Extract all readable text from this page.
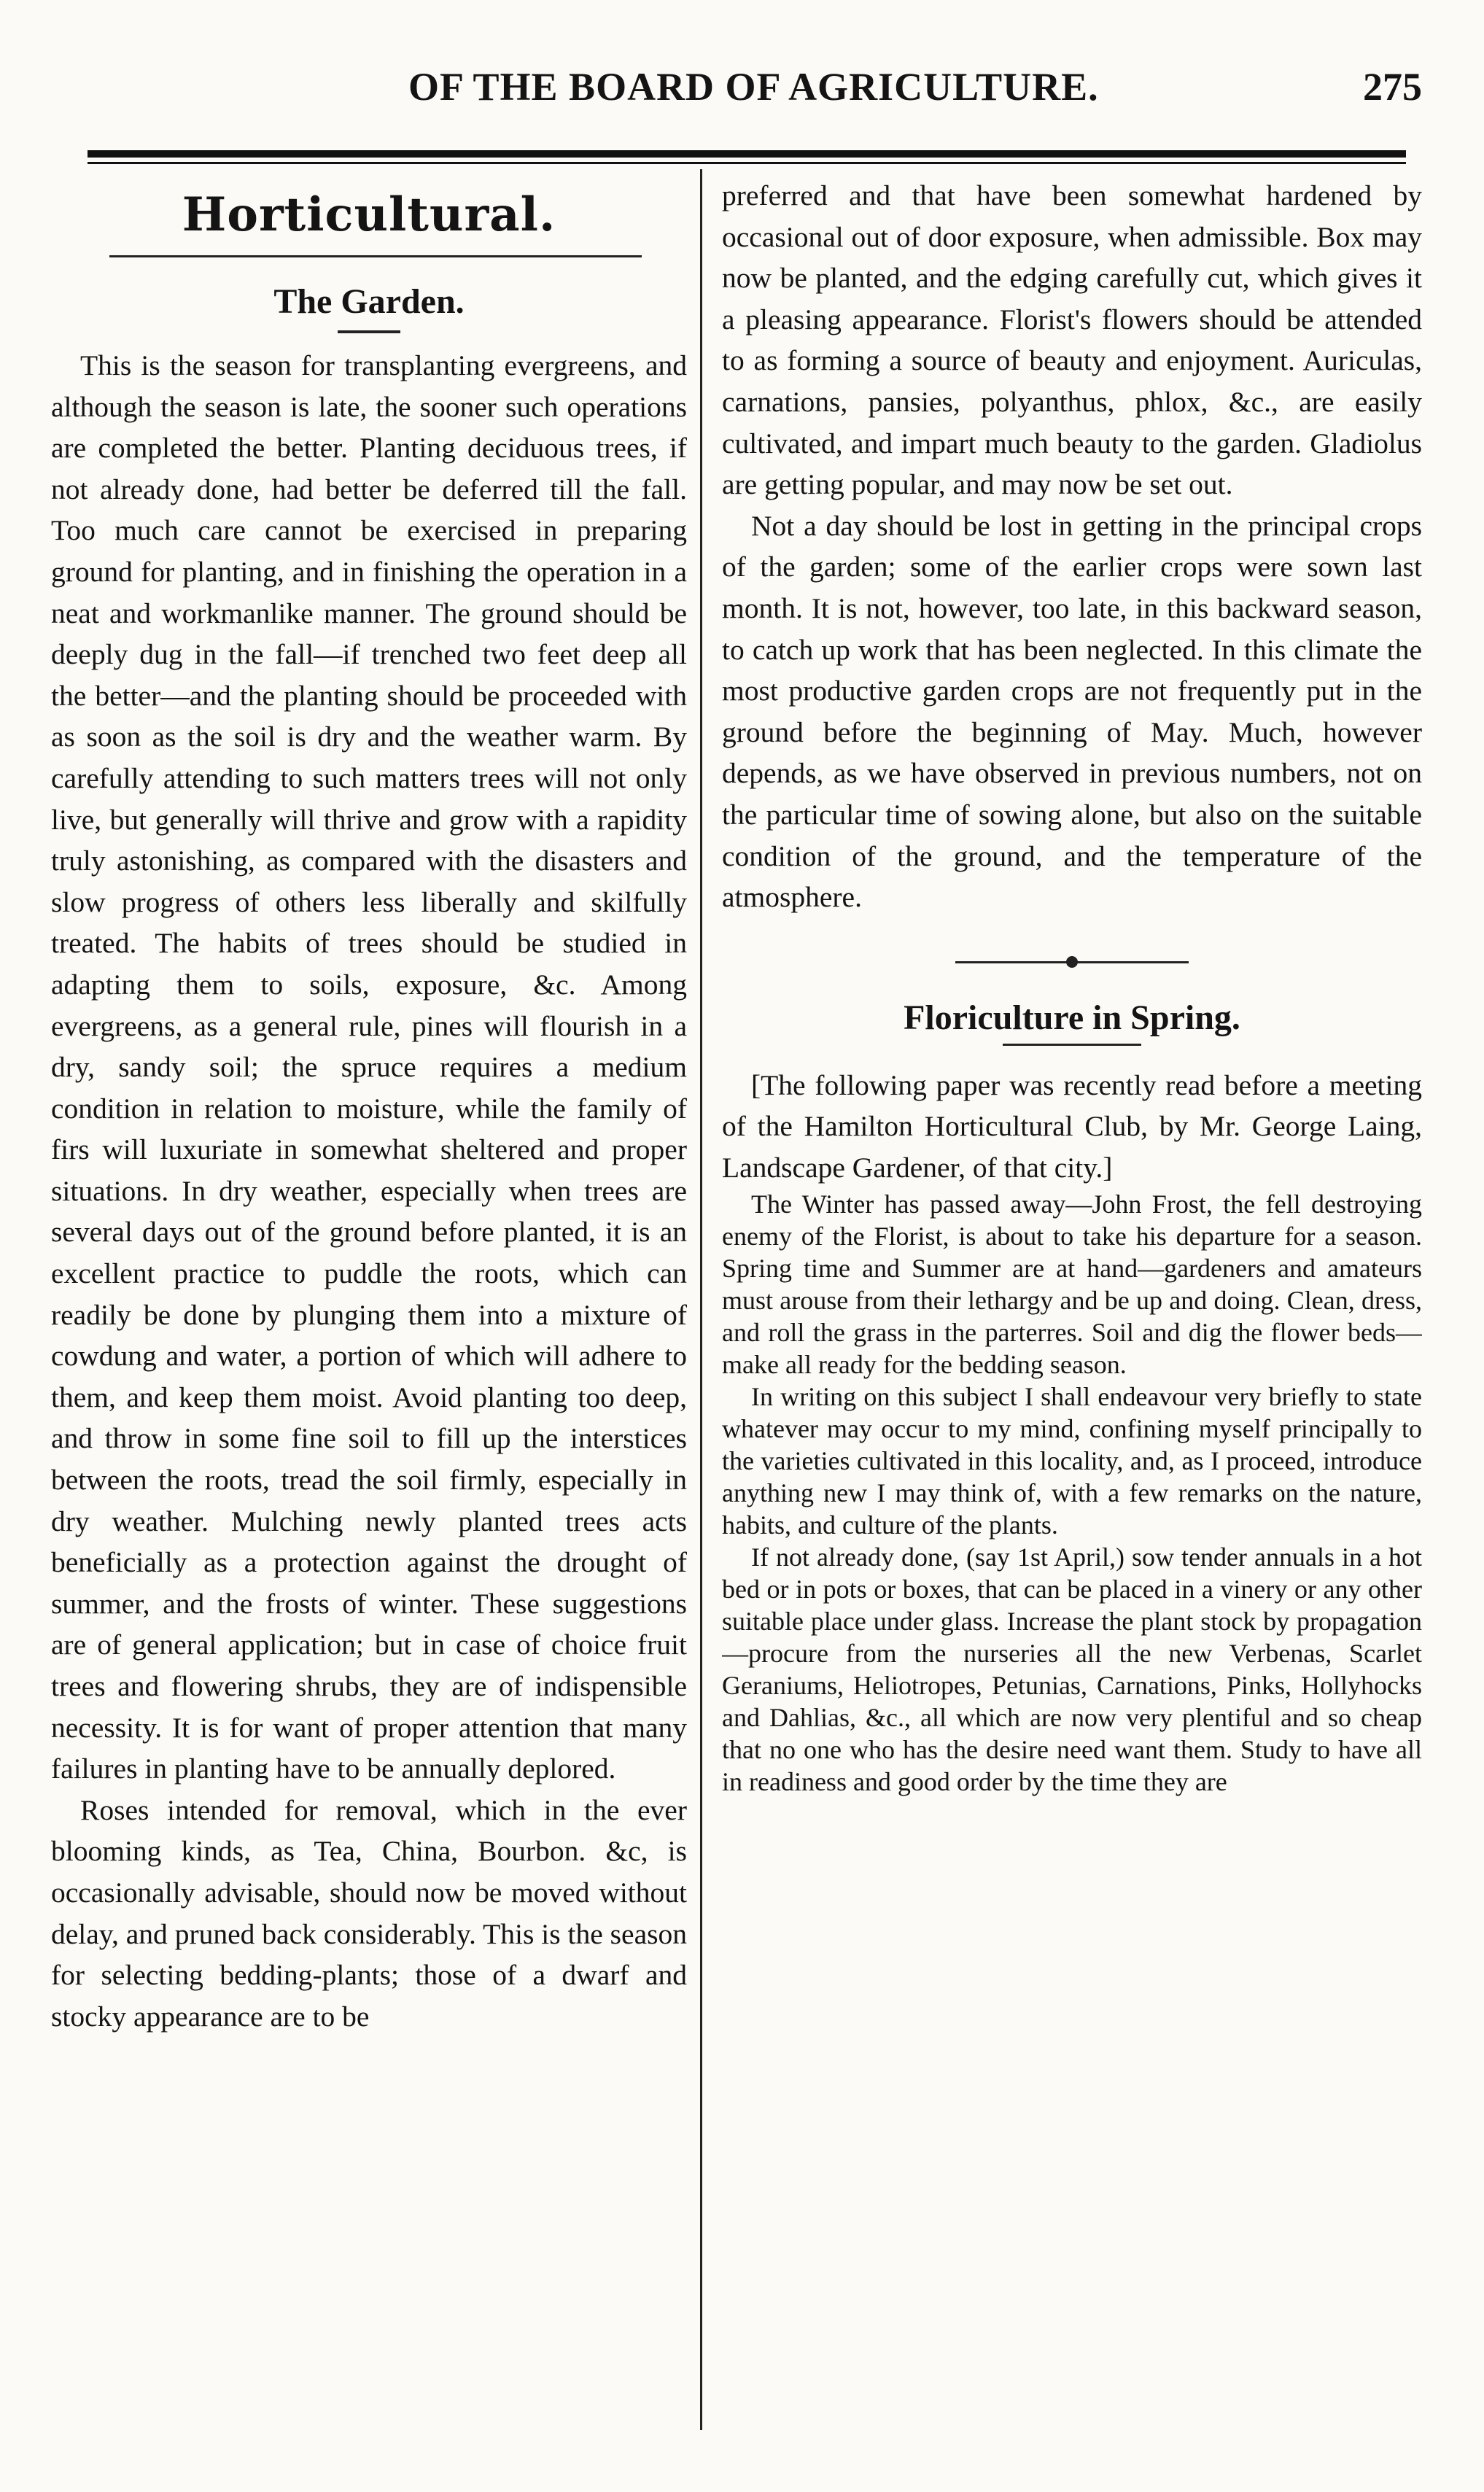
OF THE BOARD OF AGRICULTURE.	275
Horticultural.
The Garden.

This is the season for transplanting evergreens, and although the season is late, the sooner such operations are completed the better. Planting deciduous trees, if not already done, had better be deferred till the fall. Too much care cannot be exercised in preparing ground for planting, and in finishing the operation in a neat and workmanlike manner. The ground should be deeply dug in the fall—if trenched two feet deep all the better—and the planting should be proceeded with as soon as the soil is dry and the weather warm. By carefully attending to such matters trees will not only live, but generally will thrive and grow with a rapidity truly astonishing, as compared with the disasters and slow progress of others less liberally and skilfully treated. The habits of trees should be studied in adapting them to soils, exposure, &c. Among evergreens, as a general rule, pines will flourish in a dry, sandy soil; the spruce requires a medium condition in relation to moisture, while the family of firs will luxuriate in somewhat sheltered and proper situations. In dry weather, especially when trees are several days out of the ground before planted, it is an excellent practice to puddle the roots, which can readily be done by plunging them into a mixture of cowdung and water, a portion of which will adhere to them, and keep them moist. Avoid planting too deep, and throw in some fine soil to fill up the interstices between the roots, tread the soil firmly, especially in dry weather. Mulching newly planted trees acts beneficially as a protection against the drought of summer, and the frosts of winter. These suggestions are of general application; but in case of choice fruit trees and flowering shrubs, they are of indispensible necessity. It is for want of proper attention that many failures in planting have to be annually deplored.

Roses intended for removal, which in the ever blooming kinds, as Tea, China, Bourbon. &c, is occasionally advisable, should now be moved without delay, and pruned back considerably. This is the season for selecting bedding-plants; those of a dwarf and stocky appearance are to be

preferred and that have been somewhat hardened by occasional out of door exposure, when admissible. Box may now be planted, and the edging carefully cut, which gives it a pleasing appearance. Florist's flowers should be attended to as forming a source of beauty and enjoyment. Auriculas, carnations, pansies, polyanthus, phlox, &c., are easily cultivated, and impart much beauty to the garden. Gladiolus are getting popular, and may now be set out.

Not a day should be lost in getting in the principal crops of the garden; some of the earlier crops were sown last month. It is not, however, too late, in this backward season, to catch up work that has been neglected. In this climate the most productive garden crops are not frequently put in the ground before the beginning of May. Much, however depends, as we have observed in previous numbers, not on the particular time of sowing alone, but also on the suitable condition of the ground, and the temperature of the atmosphere.

Floriculture in Spring.

[The following paper was recently read before a meeting of the Hamilton Horticultural Club, by Mr. George Laing, Landscape Gardener, of that city.]

The Winter has passed away—John Frost, the fell destroying enemy of the Florist, is about to take his departure for a season. Spring time and Summer are at hand—gardeners and amateurs must arouse from their lethargy and be up and doing. Clean, dress, and roll the grass in the parterres. Soil and dig the flower beds—make all ready for the bedding season.

In writing on this subject I shall endeavour very briefly to state whatever may occur to my mind, confining myself principally to the varieties cultivated in this locality, and, as I proceed, introduce anything new I may think of, with a few remarks on the nature, habits, and culture of the plants.

If not already done, (say 1st April,) sow tender annuals in a hot bed or in pots or boxes, that can be placed in a vinery or any other suitable place under glass. Increase the plant stock by propagation—procure from the nurseries all the new Verbenas, Scarlet Geraniums, Heliotropes, Petunias, Carnations, Pinks, Hollyhocks and Dahlias, &c., all which are now very plentiful and so cheap that no one who has the desire need want them. Study to have all in readiness and good order by the time they are
